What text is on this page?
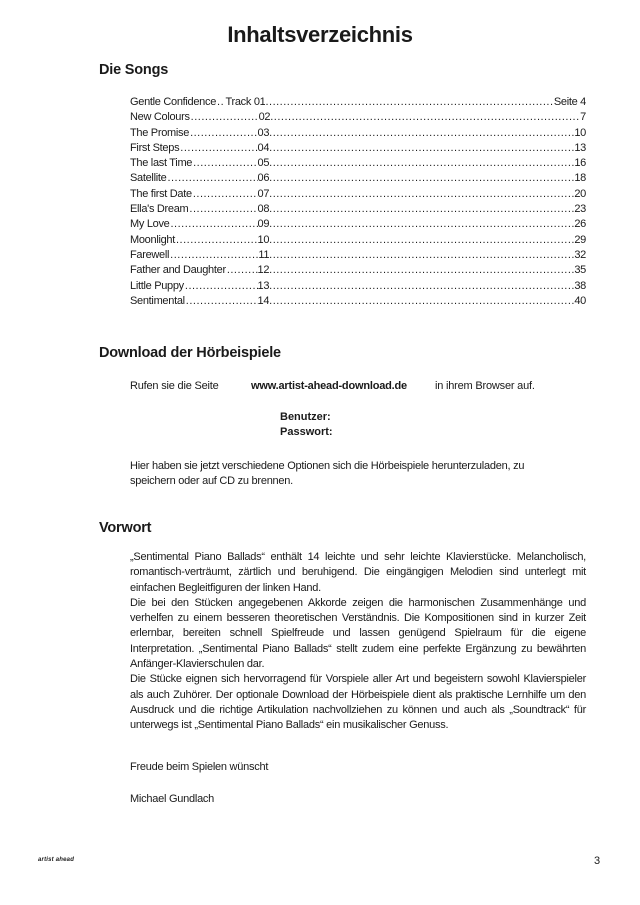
Inhaltsverzeichnis
Die Songs
Gentle Confidence ..... Track 01 .....	Seite 4
New Colours .....	02 .....	7
The Promise .....	03 .....	10
First Steps .....	04 .....	13
The last Time .....	05 .....	16
Satellite .....	06 .....	18
The first Date .....	07 .....	20
Ella's Dream .....	08 .....	23
My Love .....	09 .....	26
Moonlight .....	10 .....	29
Farewell .....	11 .....	32
Father and Daughter .....	12 .....	35
Little Puppy .....	13 .....	38
Sentimental .....	14 .....	40
Download der Hörbeispiele
Rufen sie die Seite	www.artist-ahead-download.de	in ihrem Browser auf.
Benutzer:
Passwort:
Hier haben sie jetzt verschiedene Optionen sich die Hörbeispiele herunterzuladen, zu speichern oder auf CD zu brennen.
Vorwort

„Sentimental Piano Ballads“ enthält 14 leichte und sehr leichte Klavierstücke. Melancholisch, romantisch-verträumt, zärtlich und beruhigend. Die eingängigen Melodien sind unterlegt mit einfachen Begleitfiguren der linken Hand.

Die bei den Stücken angegebenen Akkorde zeigen die harmonischen Zusammenhänge und verhelfen zu einem besseren theoretischen Verständnis. Die Kompositionen sind in kurzer Zeit erlernbar, bereiten schnell Spielfreude und lassen genügend Spielraum für die eigene Interpretation. „Sentimental Piano Ballads“ stellt zudem eine perfekte Ergänzung zu bewährten Anfänger-Klavierschulen dar.

Die Stücke eignen sich hervorragend für Vorspiele aller Art und begeistern sowohl Klavierspieler als auch Zuhörer. Der optionale Download der Hörbeispiele dient als praktische Lernhilfe um den Ausdruck und die richtige Artikulation nachvollziehen zu können und auch als „Soundtrack“ für unterwegs ist „Sentimental Piano Ballads“ ein musikalischer Genuss.

Freude beim Spielen wünscht
Michael Gundlach
artist ahead	3
